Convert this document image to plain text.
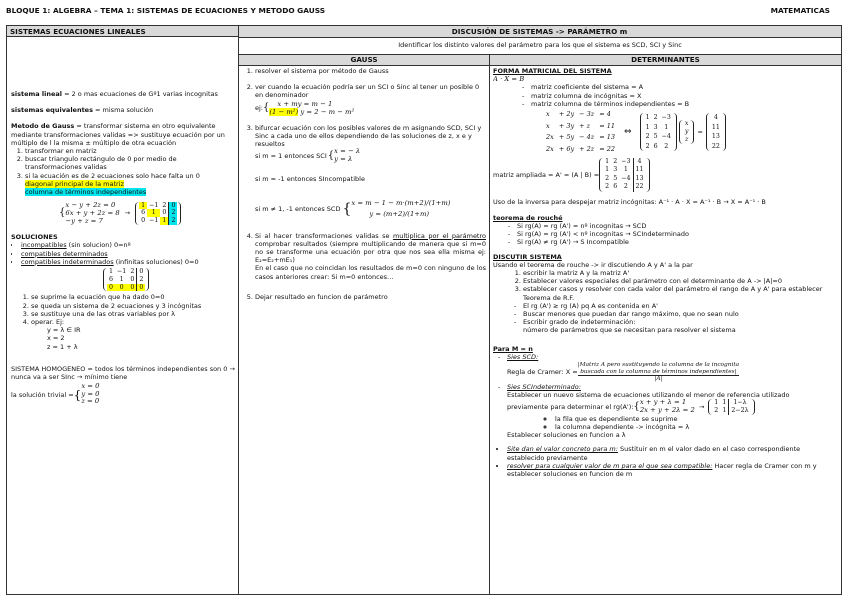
BLOQUE 1: ALGEBRA – TEMA 1: SISTEMAS DE ECUACIONES Y METODO GAUSS	MATEMATICAS
SISTEMAS ECUACIONES LINEALES	DISCUSIÓN DE SISTEMAS -> PARÁMETRO m
Identificar los distinto valores del parámetro para los que el sistema es SCD, SCI y Sinc
GAUSS	DETERMINANTES
sistema lineal = 2 o mas ecuaciones de Gº1 varias incognitas
sistemas equivalentes = misma solución
Metodo de Gauss = transformar sistema en otro equivalente mediante transformaciones validas => sustituye ecuación por un múltiplo de l la misma ± múltiplo de otra ecuación
1. transformar en matriz
2. buscar triangulo rectángulo de 0 por medio de transformaciones validas
3. si la ecuación es de 2 ecuaciones solo hace falta un 0
diagonal principal de la matriz
columna de términos independientes
{
x − y + 2z = 0
6x + y + 2z = 8
−y + z = 7
→
1	−1	2	0
6	1	0	2
0	−1	1	2
SOLUCIONES
• incompatibles (sin solucion) 0=nº
• compatibles determinados
• compatibles indeterminados (infinitas soluciones) 0=0
1	−1	2	0
6	1	0	2
0	0	0	0
1. se suprime la ecuación que ha dado 0=0
2. se queda un sistema de 2 ecuaciones y 3 incógnitas
3. se sustituye una de las otras variables por λ
4. operar. Ej:
y = λ ∈ IR
x = 2
z = 1 + λ
SISTEMA HOMOGENEO = todos los términos independientes son 0 → nunca va a ser SInc → mínimo tiene
la solución trivial = {
x = 0
y = 0
z = 0
1. resolver el sistema por método de Gauss
2. ver cuando la ecuación podría ser un SCI o Sinc al tener un posible 0 en denominador
ej: {	x + my = m − 1
(1 − m²) y = 2 − m − m²
3. bifurcar ecuación con los posibles valores de m asignando SCD, SCI y Sinc a cada uno de ellos dependiendo de las soluciones de z, x e y resueltos
si m = 1 entonces SCI { x = − λ
y = λ
si m = -1 entonces SIncompatible
si m ≠ 1, -1 entonces SCD { x = m − 1 − m·(m+2)/(1+m)
y = (m+2)/(1+m)
4. Si al hacer transformaciones validas se multiplica por el parámetro comprobar resultados (siempre multiplicando de manera que si m=0 no se transforme una ecuación por otra que nos sea ella misma ej: E₂=E₂+mE₁)
En el caso que no coincidan los resultados de m=0 con ninguno de los casos anteriores crear: Si m=0 entonces…
5. Dejar resultado en funcion de parámetro
FORMA MATRICIAL DEL SISTEMA
A · X = B
- matriz coeficiente del sistema = A
- matriz columna de incógnitas = X
- matriz columna de términos independientes = B
x	+ 2y	− 3z	= 4
x	+ 3y	+ z	= 11
2x	+ 5y	− 4z	= 13
2x	+ 6y	+ 2z	= 22
⇔
1	2	−3
1	3	1
2	5	−4
2	6	2
x
y
z
=
4
11
13
22
matriz ampliada = A' = (A | B) =
1	2	−3	4
1	3	1	11
2	5	−4	13
2	6	2	22
Uso de la inversa para despejar matriz incógnitas: A⁻¹ · A · X = A⁻¹ · B → X = A⁻¹ · B
teorema de rouché
- Si rg(A) = rg (A') = nº incognitas → SCD
- Si rg(A) = rg (A') < nº incognitas → SCIndeterminado
- Si rg(A) ≠ rg (A') → S Incompatible
DISCUTIR SISTEMA
Usando el teorema de rouche -> ir discutiendo A y A' a la par
1. escribir la matriz A y la matriz A'
2. Establecer valores especiales del parámetro con el determinante de A -> |A|=0
3. establecer casos y resolver con cada valor del parámetro el rango de A y A' para establecer Teorema de R.F.
- El rg (A') ≥ rg (A) pq A es contenida en A'
- Buscar menores que puedan dar rango máximo, que no sean nulo
- Escribir grado de indeterminación:
número de parámetros que se necesitan para resolver el sistema
Para M = n
- Sies SCD:
Regla de Cramer: X =
|Matriz A pero sustituyendo la columna de la incognita
buscada con la columna de términos independientes|
|A|
- Sies SCIndeterminado:
Establecer un nuevo sistema de ecuaciones utilizando el menor de referencia utilizado
previamente para determinar el rg(A'): { x + y + λ = 1
2x + y + 2λ = 2 →
1	1	1−λ
2	1	2−2λ
◦ la fila que es dependiente se suprime
◦ la columna dependiente -> incógnita = λ
Establecer soluciones en funcion a λ
• Site dan el valor concreto para m: Sustituir en m el valor dado en el caso correspondiente establecido previamente
• resolver para cualquier valor de m para el que sea compatible: Hacer regla de Cramer con m y establecer soluciones en funcion de m
